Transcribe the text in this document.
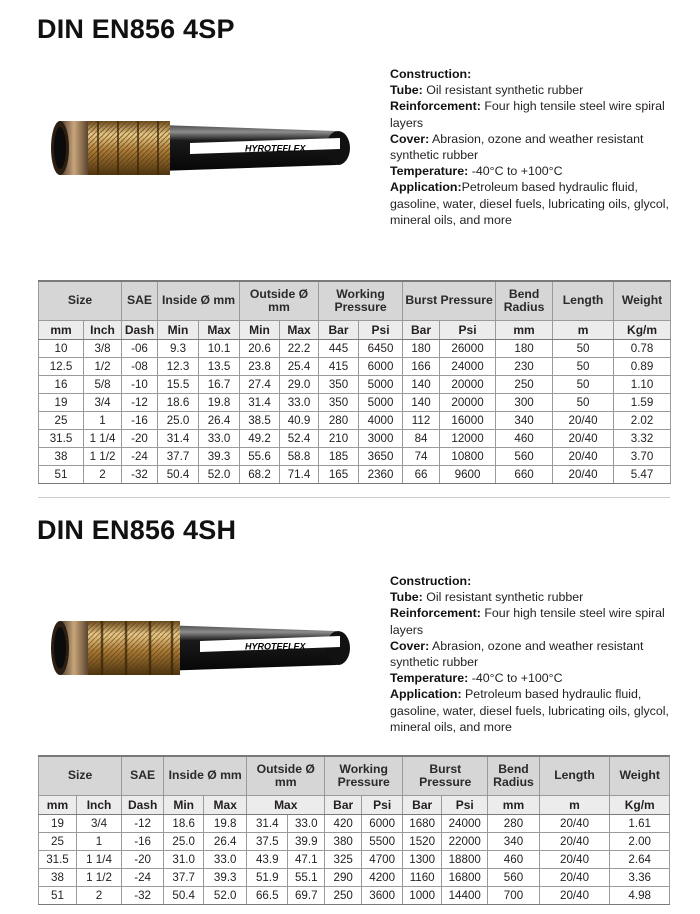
DIN EN856 4SP
HYROTEFLEX
Construction:
Tube: Oil resistant synthetic rubber
Reinforcement: Four high tensile steel wire spiral layers
Cover: Abrasion, ozone and weather resistant synthetic rubber
Temperature: -40°C to +100°C
Application:Petroleum based hydraulic fluid, gasoline, water, diesel fuels, lubricating oils, glycol, mineral oils, and more
Size		SAE	Inside Ø mm		Outside Ø mm		Working Pressure		Burst Pressure		Bend Radius	Length	Weight
mm	Inch	Dash	Min	Max	Min	Max	Bar	Psi	Bar	Psi	mm	m	Kg/m
10	3/8	-06	9.3	10.1	20.6	22.2	445	6450	180	26000	180	50	0.78
12.5	1/2	-08	12.3	13.5	23.8	25.4	415	6000	166	24000	230	50	0.89
16	5/8	-10	15.5	16.7	27.4	29.0	350	5000	140	20000	250	50	1.10
19	3/4	-12	18.6	19.8	31.4	33.0	350	5000	140	20000	300	50	1.59
25	1	-16	25.0	26.4	38.5	40.9	280	4000	112	16000	340	20/40	2.02
31.5	1 1/4	-20	31.4	33.0	49.2	52.4	210	3000	84	12000	460	20/40	3.32
38	1 1/2	-24	37.7	39.3	55.6	58.8	185	3650	74	10800	560	20/40	3.70
51	2	-32	50.4	52.0	68.2	71.4	165	2360	66	9600	660	20/40	5.47
DIN EN856 4SH
HYROTEFLEX
Construction:
Tube: Oil resistant synthetic rubber
Reinforcement: Four high tensile steel wire spiral layers
Cover: Abrasion, ozone and weather resistant synthetic rubber
Temperature: -40°C to +100°C
Application: Petroleum based hydraulic fluid, gasoline, water, diesel fuels, lubricating oils, glycol, mineral oils, and more
Size		SAE	Inside Ø mm		Outside Ø mm		Working Pressure		Burst Pressure		Bend Radius	Length	Weight
mm	Inch	Dash	Min	Max	Max		Bar	Psi	Bar	Psi	mm	m	Kg/m
19	3/4	-12	18.6	19.8	31.4	33.0	420	6000	1680	24000	280	20/40	1.61
25	1	-16	25.0	26.4	37.5	39.9	380	5500	1520	22000	340	20/40	2.00
31.5	1 1/4	-20	31.0	33.0	43.9	47.1	325	4700	1300	18800	460	20/40	2.64
38	1 1/2	-24	37.7	39.3	51.9	55.1	290	4200	1160	16800	560	20/40	3.36
51	2	-32	50.4	52.0	66.5	69.7	250	3600	1000	14400	700	20/40	4.98
